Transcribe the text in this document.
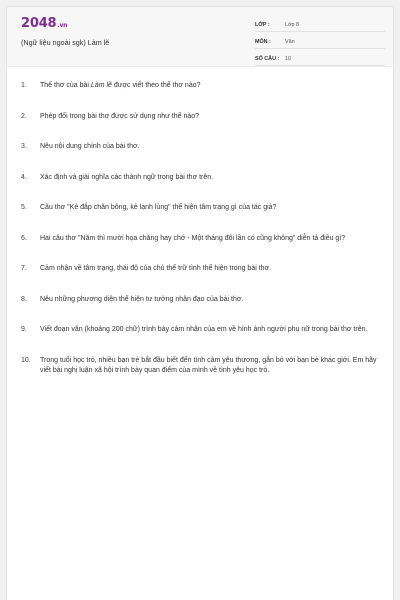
2048.vn
(Ngữ liệu ngoài sgk) Làm lẽ
LỚP :	Lớp 8
MÔN :	Văn
SỐ CÂU :	10
1.	Thể thơ của bài Làm lẽ được viết theo thể thơ nào?
2.	Phép đối trong bài thơ được sử dụng như thế nào?
3.	Nêu nội dung chính của bài thơ.
4.	Xác định và giải nghĩa các thành ngữ trong bài thơ trên.
5.	Câu thơ "Kẻ đắp chăn bông, kẻ lạnh lùng" thể hiện tâm trạng gì của tác giả?
6.	Hai câu thơ "Năm thì mười họa chăng hay chớ - Một tháng đôi lần có cũng không" diễn tả điều gì?
7.	Cảm nhận về tâm trạng, thái độ của chủ thể trữ tình thể hiện trong bài thơ.
8.	Nêu những phương diện thể hiện tư tưởng nhân đạo của bài thơ.
9.	Viết đoạn văn (khoảng 200 chữ) trình bày cảm nhận của em về hình ảnh người phụ nữ trong bài thơ trên.
10.	Trong tuổi học trò, nhiều bạn trẻ bắt đầu biết đến tình cảm yêu thương, gắn bó với bạn bè khác giới. Em hãy viết bài nghị luận xã hội trình bày quan điểm của mình về tình yêu học trò.
